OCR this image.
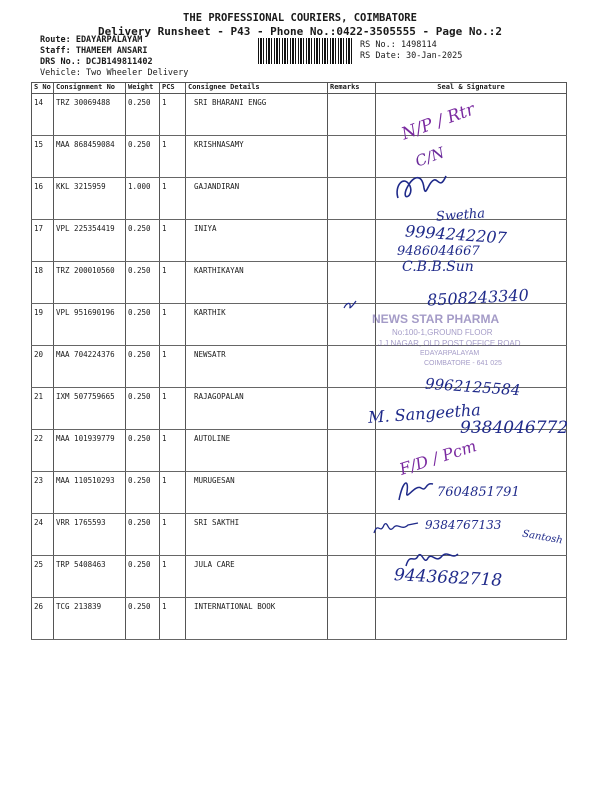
THE PROFESSIONAL COURIERS, COIMBATORE
Delivery Runsheet - P43 - Phone No.:0422-3505555 - Page No.:2
Route: EDAYARPALAYAM
Staff: THAMEEM ANSARI
DRS No.: DCJB149811402
Vehicle: Two Wheeler Delivery
RS No.: 1498114
RS Date: 30-Jan-2025
S No	Consignment No	Weight	PCS	Consignee Details	Remarks	Seal & Signature
14	TRZ 30069488	0.250	1	SRI BHARANI ENGG		
15	MAA 868459084	0.250	1	KRISHNASAMY		
16	KKL 3215959	1.000	1	GAJANDIRAN		
17	VPL 225354419	0.250	1	INIYA		
18	TRZ 200010560	0.250	1	KARTHIKAYAN		
19	VPL 951690196	0.250	1	KARTHIK		
20	MAA 704224376	0.250	1	NEWSATR		
21	IXM 507759665	0.250	1	RAJAGOPALAN		
22	MAA 101939779	0.250	1	AUTOLINE		
23	MAA 110510293	0.250	1	MURUGESAN		
24	VRR 1765593	0.250	1	SRI SAKTHI		
25	TRP 5408463	0.250	1	JULA CARE		
26	TCG 213839	0.250	1	INTERNATIONAL BOOK		
N/P / Rtr
C/N
Swetha
9994242207
9486044667
C.B.B.Sun
8508243340
NEWS STAR PHARMA
No:100-1,GROUND FLOOR
J J NAGAR, OLD POST OFFICE ROAD
EDAYARPALAYAM
COIMBATORE - 641 025
9962125584
M. Sangeetha
9384046772
F/D / Pcm
7604851791
9384767133
Santosh
9443682718
